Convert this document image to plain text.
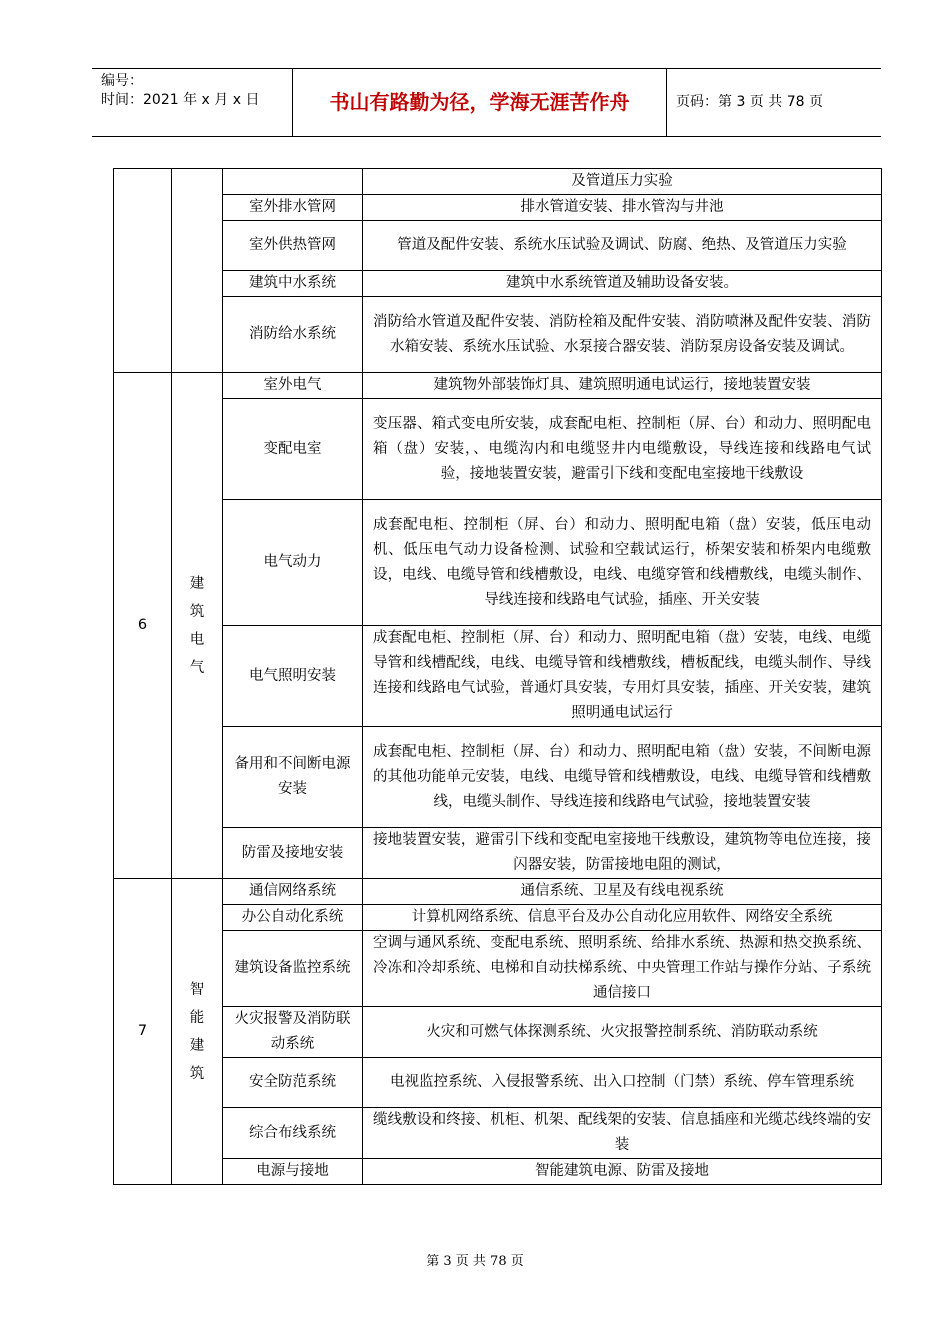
编号：
时间：2021 年 x 月 x 日	书山有路勤为径，学海无涯苦作舟	页码：第 3 页 共 78 页
			及管道压力实验
		室外排水管网	排水管道安装、排水管沟与井池
		室外供热管网	管道及配件安装、系统水压试验及调试、防腐、绝热、及管道压力实验
		建筑中水系统	建筑中水系统管道及辅助设备安装。
		消防给水系统	消防给水管道及配件安装、消防栓箱及配件安装、消防喷淋及配件安装、消防水箱安装、系统水压试验、水泵接合器安装、消防泵房设备安装及调试。
6	建筑电气	室外电气	建筑物外部装饰灯具、建筑照明通电试运行，接地装置安装
		变配电室	变压器、箱式变电所安装，成套配电柜、控制柜（屏、台）和动力、照明配电箱（盘）安装，、电缆沟内和电缆竖井内电缆敷设，导线连接和线路电气试验，接地装置安装，避雷引下线和变配电室接地干线敷设
		电气动力	成套配电柜、控制柜（屏、台）和动力、照明配电箱（盘）安装，低压电动机、低压电气动力设备检测、试验和空载试运行，桥架安装和桥架内电缆敷设，电线、电缆导管和线槽敷设，电线、电缆穿管和线槽敷线，电缆头制作、导线连接和线路电气试验，插座、开关安装
		电气照明安装	成套配电柜、控制柜（屏、台）和动力、照明配电箱（盘）安装，电线、电缆导管和线槽配线，电线、电缆导管和线槽敷线，槽板配线，电缆头制作、导线连接和线路电气试验，普通灯具安装，专用灯具安装，插座、开关安装，建筑照明通电试运行
		备用和不间断电源安装	成套配电柜、控制柜（屏、台）和动力、照明配电箱（盘）安装，不间断电源的其他功能单元安装，电线、电缆导管和线槽敷设，电线、电缆导管和线槽敷线，电缆头制作、导线连接和线路电气试验，接地装置安装
		防雷及接地安装	接地装置安装，避雷引下线和变配电室接地干线敷设，建筑物等电位连接，接闪器安装，防雷接地电阻的测试，
7	智能建筑	通信网络系统	通信系统、卫星及有线电视系统
		办公自动化系统	计算机网络系统、信息平台及办公自动化应用软件、网络安全系统
		建筑设备监控系统	空调与通风系统、变配电系统、照明系统、给排水系统、热源和热交换系统、冷冻和冷却系统、电梯和自动扶梯系统、中央管理工作站与操作分站、子系统通信接口
		火灾报警及消防联动系统	火灾和可燃气体探测系统、火灾报警控制系统、消防联动系统
		安全防范系统	电视监控系统、入侵报警系统、出入口控制（门禁）系统、停车管理系统
		综合布线系统	缆线敷设和终接、机柜、机架、配线架的安装、信息插座和光缆芯线终端的安装
		电源与接地	智能建筑电源、防雷及接地
第 3 页 共 78 页
